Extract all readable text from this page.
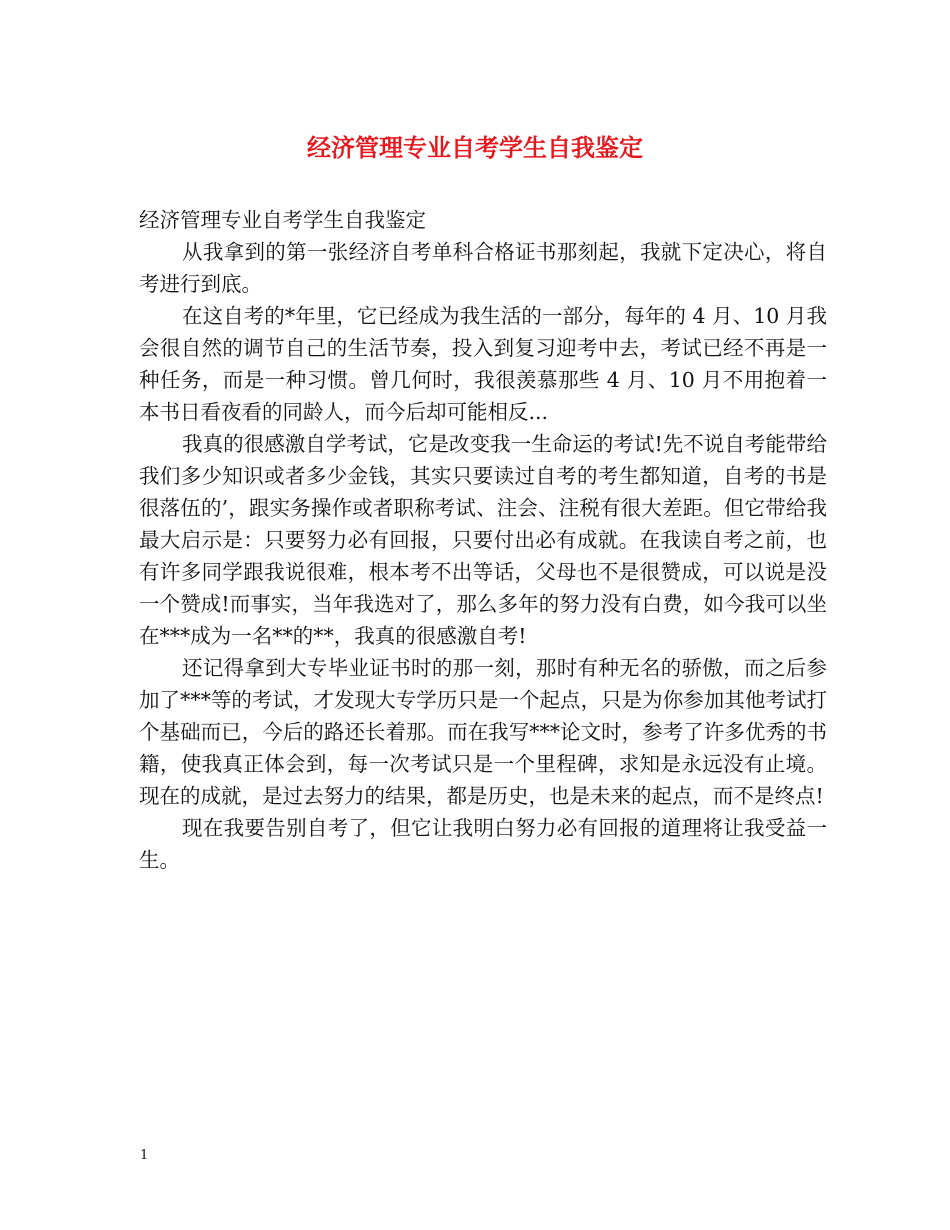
经济管理专业自考学生自我鉴定

经济管理专业自考学生自我鉴定

从我拿到的第一张经济自考单科合格证书那刻起，我就下定决心，将自考进行到底。

在这自考的*年里，它已经成为我生活的一部分，每年的 4 月、10 月我会很自然的调节自己的生活节奏，投入到复习迎考中去，考试已经不再是一种任务，而是一种习惯。曾几何时，我很羡慕那些 4 月、10 月不用抱着一本书日看夜看的同龄人，而今后却可能相反...

我真的很感激自学考试，它是改变我一生命运的考试!先不说自考能带给我们多少知识或者多少金钱，其实只要读过自考的考生都知道，自考的书是很落伍的’，跟实务操作或者职称考试、注会、注税有很大差距。但它带给我最大启示是：只要努力必有回报，只要付出必有成就。在我读自考之前，也有许多同学跟我说很难，根本考不出等话，父母也不是很赞成，可以说是没一个赞成!而事实，当年我选对了，那么多年的努力没有白费，如今我可以坐在***成为一名**的**，我真的很感激自考!

还记得拿到大专毕业证书时的那一刻，那时有种无名的骄傲，而之后参加了***等的考试，才发现大专学历只是一个起点，只是为你参加其他考试打个基础而已，今后的路还长着那。而在我写***论文时，参考了许多优秀的书籍，使我真正体会到，每一次考试只是一个里程碑，求知是永远没有止境。现在的成就，是过去努力的结果，都是历史，也是未来的起点，而不是终点!

现在我要告别自考了，但它让我明白努力必有回报的道理将让我受益一生。

1
